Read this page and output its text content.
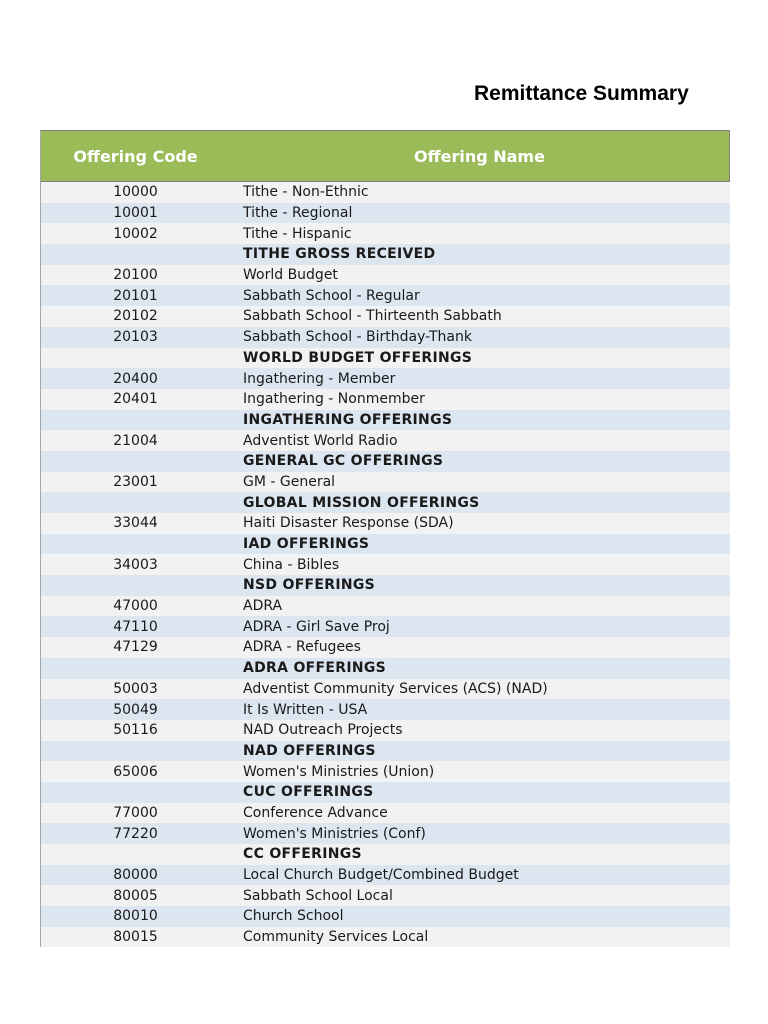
Remittance Summary
Offering Code	Offering Name
10000	Tithe - Non-Ethnic
10001	Tithe - Regional
10002	Tithe - Hispanic
TITHE GROSS RECEIVED
20100	World Budget
20101	Sabbath School - Regular
20102	Sabbath School - Thirteenth Sabbath
20103	Sabbath School - Birthday-Thank
WORLD BUDGET OFFERINGS
20400	Ingathering - Member
20401	Ingathering - Nonmember
INGATHERING OFFERINGS
21004	Adventist World Radio
GENERAL GC OFFERINGS
23001	GM - General
GLOBAL MISSION OFFERINGS
33044	Haiti Disaster Response (SDA)
IAD OFFERINGS
34003	China - Bibles
NSD OFFERINGS
47000	ADRA
47110	ADRA - Girl Save Proj
47129	ADRA - Refugees
ADRA OFFERINGS
50003	Adventist Community Services (ACS) (NAD)
50049	It Is Written - USA
50116	NAD Outreach Projects
NAD OFFERINGS
65006	Women's Ministries (Union)
CUC OFFERINGS
77000	Conference Advance
77220	Women's Ministries (Conf)
CC OFFERINGS
80000	Local Church Budget/Combined Budget
80005	Sabbath School Local
80010	Church School
80015	Community Services Local
